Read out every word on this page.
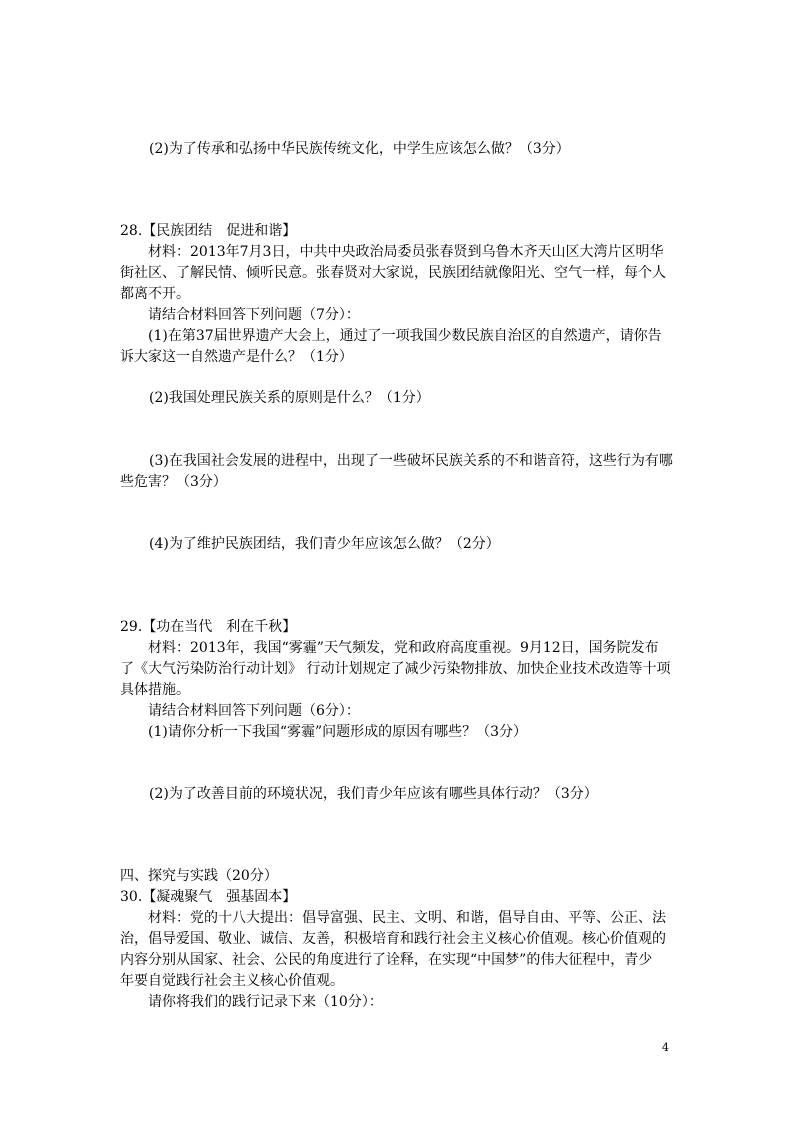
(2)为了传承和弘扬中华民族传统文化，中学生应该怎么做？（3分）
28.【民族团结　促进和谐】
材料：2013年7月3日，中共中央政治局委员张春贤到乌鲁木齐天山区大湾片区明华
街社区、了解民情、倾听民意。张春贤对大家说，民族团结就像阳光、空气一样，每个人
都离不开。
请结合材料回答下列问题（7分）：
(1)在第37届世界遗产大会上，通过了一项我国少数民族自治区的自然遗产，请你告
诉大家这一自然遗产是什么？（1分）
(2)我国处理民族关系的原则是什么？（1分）
(3)在我国社会发展的进程中，出现了一些破坏民族关系的不和谐音符，这些行为有哪
些危害？（3分）
(4)为了维护民族团结，我们青少年应该怎么做？（2分）
29.【功在当代　利在千秋】
材料：2013年，我国“雾霾”天气频发，党和政府高度重视。9月12日，国务院发布
了《大气污染防治行动计划》 行动计划规定了减少污染物排放、加快企业技术改造等十项
具体措施。
请结合材料回答下列问题（6分）：
(1)请你分析一下我国“雾霾”问题形成的原因有哪些？（3分）
(2)为了改善目前的环境状况，我们青少年应该有哪些具体行动？（3分）
四、探究与实践（20分）
30.【凝魂聚气　强基固本】
材料：党的十八大提出：倡导富强、民主、文明、和谐，倡导自由、平等、公正、法
治，倡导爱国、敬业、诚信、友善，积极培育和践行社会主义核心价值观。核心价值观的
内容分别从国家、社会、公民的角度进行了诠释，在实现“中国梦”的伟大征程中，青少
年要自觉践行社会主义核心价值观。
请你将我们的践行记录下来（10分）：
4
